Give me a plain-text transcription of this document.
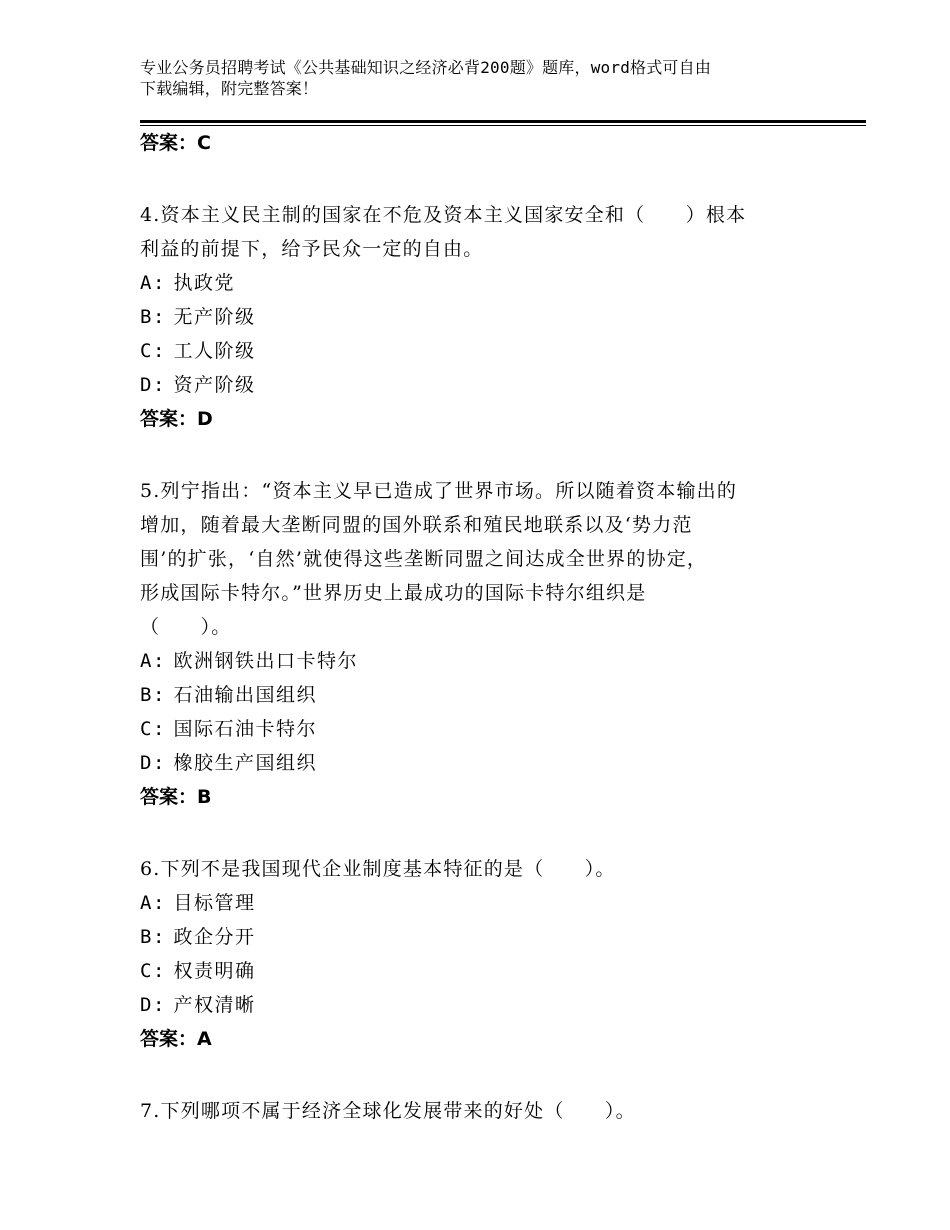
专业公务员招聘考试《公共基础知识之经济必背200题》题库，word格式可自由
下载编辑，附完整答案！
答案：C
4.资本主义民主制的国家在不危及资本主义国家安全和（　　）根本
利益的前提下，给予民众一定的自由。
A: 执政党
B: 无产阶级
C: 工人阶级
D: 资产阶级
答案：D
5.列宁指出：“资本主义早已造成了世界市场。所以随着资本输出的
增加，随着最大垄断同盟的国外联系和殖民地联系以及‘势力范
围’的扩张，‘自然’就使得这些垄断同盟之间达成全世界的协定，
形成国际卡特尔。”世界历史上最成功的国际卡特尔组织是
（　　）。
A: 欧洲钢铁出口卡特尔
B: 石油输出国组织
C: 国际石油卡特尔
D: 橡胶生产国组织
答案：B
6.下列不是我国现代企业制度基本特征的是（　　）。
A: 目标管理
B: 政企分开
C: 权责明确
D: 产权清晰
答案：A
7.下列哪项不属于经济全球化发展带来的好处（　　）。
